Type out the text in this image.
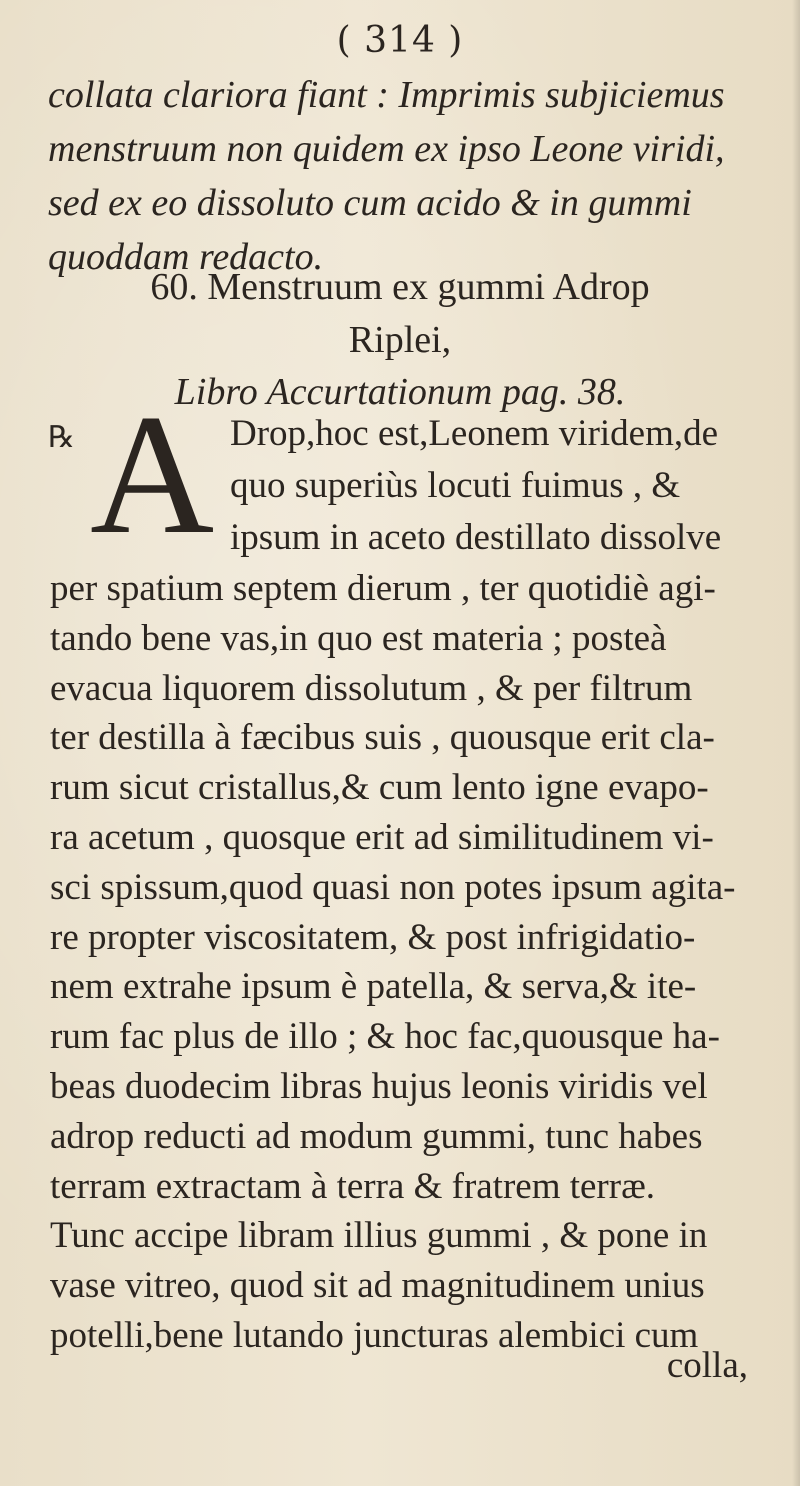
( 314 )
collata clariora fiant : Imprimis subjiciemus
menstruum non quidem ex ipso Leone viridi,
sed ex eo dissoluto cum acido & in gummi
quoddam redacto.
60. Menstruum ex gummi Adrop
Riplei,
Libro Accurtationum pag. 38.
℞ A Drop,hoc est,Leonem viridem,de
quo superiùs locuti fuimus , &
ipsum in aceto destillato dissolve
per spatium septem dierum , ter quotidiè agi-
tando bene vas,in quo est materia ; posteà
evacua liquorem dissolutum , & per filtrum
ter destilla à fæcibus suis , quousque erit cla-
rum sicut cristallus,& cum lento igne evapo-
ra acetum , quosque erit ad similitudinem vi-
sci spissum,quod quasi non potes ipsum agita-
re propter viscositatem, & post infrigidatio-
nem extrahe ipsum è patella, & serva,& ite-
rum fac plus de illo ; & hoc fac,quousque ha-
beas duodecim libras hujus leonis viridis vel
adrop reducti ad modum gummi, tunc habes
terram extractam à terra & fratrem terræ.
Tunc accipe libram illius gummi , & pone in
vase vitreo, quod sit ad magnitudinem unius
potelli,bene lutando juncturas alembici cum
colla,
